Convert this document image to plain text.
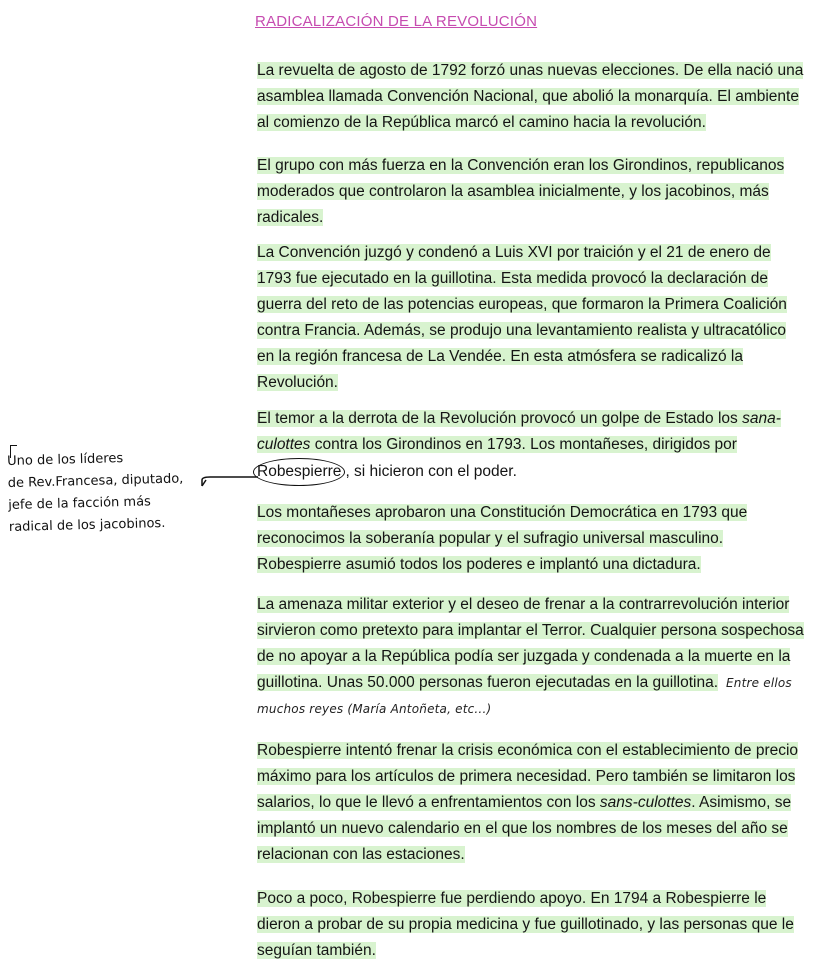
RADICALIZACIÓN DE LA REVOLUCIÓN

La revuelta de agosto de 1792 forzó unas nuevas elecciones. De ella nació una asamblea llamada Convención Nacional, que abolió la monarquía. El ambiente al comienzo de la República marcó el camino hacia la revolución.

El grupo con más fuerza en la Convención eran los Girondinos, republicanos moderados que controlaron la asamblea inicialmente, y los jacobinos, más radicales.

La Convención juzgó y condenó a Luis XVI por traición y el 21 de enero de 1793 fue ejecutado en la guillotina. Esta medida provocó la declaración de guerra del reto de las potencias europeas, que formaron la Primera Coalición contra Francia. Además, se produjo una levantamiento realista y ultracatólico en la región francesa de La Vendée. En esta atmósfera se radicalizó la Revolución.

El temor a la derrota de la Revolución provocó un golpe de Estado los sana-culottes contra los Girondinos en 1793. Los montañeses, dirigidos por
Robespierre , si hicieron con el poder.

Los montañeses aprobaron una Constitución Democrática en 1793 que reconocimos la soberanía popular y el sufragio universal masculino. Robespierre asumió todos los poderes e implantó una dictadura.

La amenaza militar exterior y el deseo de frenar a la contrarrevolución interior sirvieron como pretexto para implantar el Terror. Cualquier persona sospechosa de no apoyar a la República podía ser juzgada y condenada a la muerte en la guillotina. Unas 50.000 personas fueron ejecutadas en la guillotina. Entre ellos muchos reyes (María Antoñeta, etc...)

Robespierre intentó frenar la crisis económica con el establecimiento de precio máximo para los artículos de primera necesidad. Pero también se limitaron los salarios, lo que le llevó a enfrentamientos con los sans-culottes. Asimismo, se implantó un nuevo calendario en el que los nombres de los meses del año se relacionan con las estaciones.

Poco a poco, Robespierre fue perdiendo apoyo. En 1794 a Robespierre le dieron a probar de su propia medicina y fue guillotinado, y las personas que le seguían también.

Uno de los líderes
de Rev.Francesa, diputado,
jefe de la facción más
radical de los jacobinos.
